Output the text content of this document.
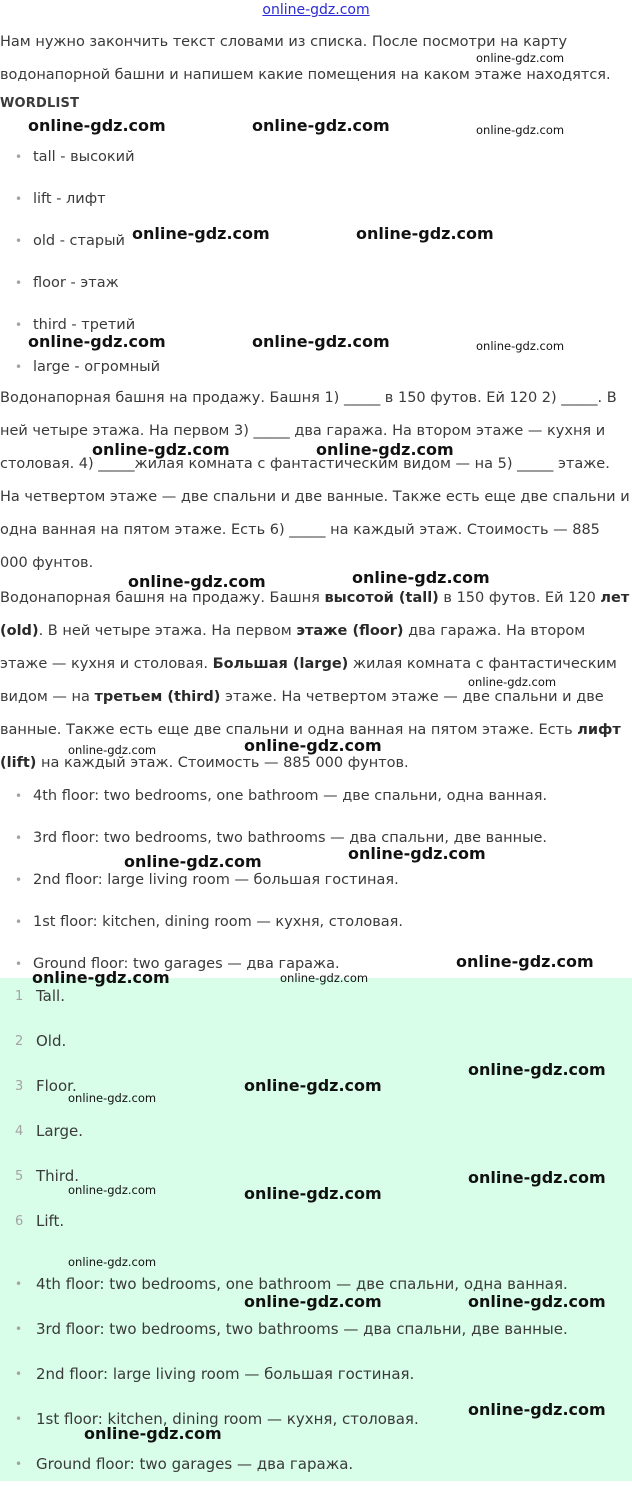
online-gdz.com

Нам нужно закончить текст словами из списка. После посмотри на карту водонапорной башни и напишем какие помещения на каком этаже находятся.

WORDLIST
• tall - высокий
• lift - лифт
• old - старый
• floor - этаж
• third - третий
• large - огромный

Водонапорная башня на продажу. Башня 1) _____ в 150 футов. Ей 120 2) _____. В ней четыре этажа. На первом 3) _____ два гаража. На втором этаже — кухня и столовая. 4) _____жилая комната с фантастическим видом — на 5) _____ этаже. На четвертом этаже — две спальни и две ванные. Также есть еще две спальни и одна ванная на пятом этаже. Есть 6) _____ на каждый этаж. Стоимость — 885 000 фунтов.

Водонапорная башня на продажу. Башня высотой (tall) в 150 футов. Ей 120 лет (old). В ней четыре этажа. На первом этаже (floor) два гаража. На втором этаже — кухня и столовая. Большая (large) жилая комната с фантастическим видом — на третьем (third) этаже. На четвертом этаже — две спальни и две ванные. Также есть еще две спальни и одна ванная на пятом этаже. Есть лифт (lift) на каждый этаж. Стоимость — 885 000 фунтов.

• 4th floor: two bedrooms, one bathroom — две спальни, одна ванная.
• 3rd floor: two bedrooms, two bathrooms — два спальни, две ванные.
• 2nd floor: large living room — большая гостиная.
• 1st floor: kitchen, dining room — кухня, столовая.
• Ground floor: two garages — два гаража.
1 Tall.
2 Old.
3 Floor.
4 Large.
5 Third.
6 Lift.
• 4th floor: two bedrooms, one bathroom — две спальни, одна ванная.
• 3rd floor: two bedrooms, two bathrooms — два спальни, две ванные.
• 2nd floor: large living room — большая гостиная.
• 1st floor: kitchen, dining room — кухня, столовая.
• Ground floor: two garages — два гаража.
online-gdz.com
online-gdz.com	online-gdz.com	online-gdz.com
online-gdz.com	online-gdz.com
online-gdz.com	online-gdz.com	online-gdz.com
online-gdz.com	online-gdz.com
online-gdz.com	online-gdz.com
online-gdz.com
online-gdz.com
online-gdz.com
online-gdz.com	online-gdz.com
online-gdz.com
online-gdz.com	online-gdz.com
online-gdz.com
online-gdz.com
online-gdz.com
online-gdz.com
online-gdz.com	online-gdz.com
online-gdz.com
online-gdz.com	online-gdz.com
online-gdz.com
online-gdz.com
